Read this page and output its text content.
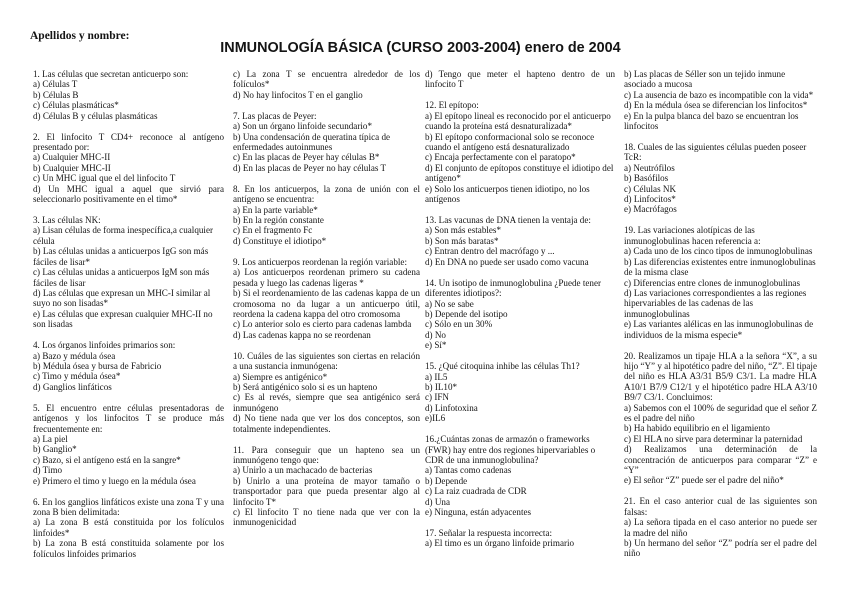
Apellidos y nombre:
INMUNOLOGÍA BÁSICA (CURSO 2003-2004) enero de 2004

1. Las células que secretan anticuerpo son:

a) Células T

b) Células B

c) Células plasmáticas*

d) Células B y células plasmáticas

2. El linfocito T CD4+ reconoce al antígeno presentado por:

a) Cualquier MHC-II

b) Cualquier MHC-II

c) Un MHC igual que el del linfocito T

d) Un MHC igual a aquel que sirvió para seleccionarlo positivamente en el timo*

3. Las células NK:

a) Lisan células de forma inespecífica,a cualquier célula

b) Las células unidas a anticuerpos IgG son más fáciles de lisar*

c) Las células unidas a anticuerpos IgM son más fáciles de lisar

d) Las células que expresan un MHC-I similar al suyo no son lisadas*

e) Las células que expresan cualquier MHC-II no son lisadas

4. Los órganos linfoides primarios son:

a) Bazo y médula ósea

b) Médula ósea y bursa de Fabricio

c) Timo y médula ósea*

d) Ganglios linfáticos

5. El encuentro entre células presentadoras de antígenos y los linfocitos T se produce más frecuentemente en:

a) La piel

b) Ganglio*

c) Bazo, si el antígeno está en la sangre*

d) Timo

e) Primero el timo y luego en la médula ósea

6. En los ganglios linfáticos existe una zona T y una zona B bien delimitada:

a) La zona B está constituida por los folículos linfoides*

b) La zona B está constituida solamente por los folículos linfoides primarios

c) La zona T se encuentra alrededor de los folículos*

d) No hay linfocitos T en el ganglio

7. Las placas de Peyer:

a) Son un órgano linfoide secundario*

b) Una condensación de queratina típica de enfermedades autoinmunes

c) En las placas de Peyer hay células B*

d) En las placas de Peyer no hay células T

8. En los anticuerpos, la zona de unión con el antígeno se encuentra:

a) En la parte variable*

b) En la región constante

c) En el fragmento Fc

d) Constituye el idiotipo*

9. Los anticuerpos reordenan la región variable:

a) Los anticuerpos reordenan primero su cadena pesada y luego las cadenas ligeras *

b) Si el reordenamiento de las cadenas kappa de un cromosoma no da lugar a un anticuerpo útil, reordena la cadena kappa del otro cromosoma

c) Lo anterior solo es cierto para cadenas lambda

d) Las cadenas kappa no se reordenan

10. Cuáles de las siguientes son ciertas en relación a una sustancia inmunógena:

a) Siempre es antigénico*

b) Será antigénico solo si es un hapteno

c) Es al revés, siempre que sea antigénico será inmunógeno

d) No tiene nada que ver los dos conceptos, son totalmente independientes.

11. Para conseguir que un hapteno sea un inmunógeno tengo que:

a) Unirlo a un machacado de bacterias

b) Unirlo a una proteína de mayor tamaño o transportador para que pueda presentar algo al linfocito T*

c) El linfocito T no tiene nada que ver con la inmunogenicidad

d) Tengo que meter el hapteno dentro de un linfocito T

12. El epítopo:

a) El epítopo lineal es reconocido por el anticuerpo cuando la proteína está desnaturalizada*

b) El epítopo conformacional solo se reconoce cuando el antígeno está desnaturalizado

c) Encaja perfectamente con el paratopo*

d) El conjunto de epítopos constituye el idiotipo del antígeno*

e) Solo los anticuerpos tienen idiotipo, no los antígenos

13. Las vacunas de DNA tienen la ventaja de:

a) Son más estables*

b) Son más baratas*

c) Entran dentro del macrófago y ...

d) En DNA no puede ser usado como vacuna

14. Un isotipo de inmunoglobulina ¿Puede tener diferentes idiotipos?:

a) No se sabe

b) Depende del isotipo

c) Sólo en un 30%

d) No

e) Sí*

15. ¿Qué citoquina inhibe las células Th1?

a) IL5

b) IL10*

c) IFN

d) Linfotoxina

e)IL6

16.¿Cuántas zonas de armazón o frameworks (FWR) hay entre dos regiones hipervariables o CDR de una inmunoglobulina?

a) Tantas como cadenas

b) Depende

c) La raiz cuadrada de CDR

d) Una

e) Ninguna, están adyacentes

17. Señalar la respuesta incorrecta:

a) El timo es un órgano linfoide primario

b) Las placas de Séller son un tejido inmune asociado a mucosa

c) La ausencia de bazo es incompatible con la vida*

d) En la médula ósea se diferencian los linfocitos*

e) En la pulpa blanca del bazo se encuentran los linfocitos

18. Cuales de las siguientes células pueden poseer TcR:

a) Neutrófilos

b) Basófilos

c) Células NK

d) Linfocitos*

e) Macrófagos

19. Las variaciones alotípicas de las inmunoglobulinas hacen referencia a:

a) Cada uno de los cinco tipos de inmunoglobulinas

b) Las diferencias existentes entre inmunoglobulinas de la misma clase

c) Diferencias entre clones de inmunoglobulinas

d) Las variaciones correspondientes a las regiones hipervariables de las cadenas de las inmunoglobulinas

e) Las variantes alélicas en las inmunoglobulinas de individuos de la misma especie*

20. Realizamos un tipaje HLA a la señora “X”, a su hijo “Y” y al hipotético padre del niño, “Z”. El tipaje del niño es HLA A3/31 B5/9 C3/1. La madre HLA A10/1 B7/9 C12/1 y el hipotético padre HLA A3/10 B9/7 C3/1. Concluimos:

a) Sabemos con el 100% de seguridad que el señor Z es el padre del niño

b) Ha habido equilibrio en el ligamiento

c) El HLA no sirve para determinar la paternidad

d) Realizamos una determinación de la concentración de anticuerpos para comparar “Z” e “Y”

e) El señor “Z” puede ser el padre del niño*

21. En el caso anterior cual de las siguientes son falsas:

a) La señora tipada en el caso anterior no puede ser la madre del niño

b) Un hermano del señor “Z” podría ser el padre del niño
